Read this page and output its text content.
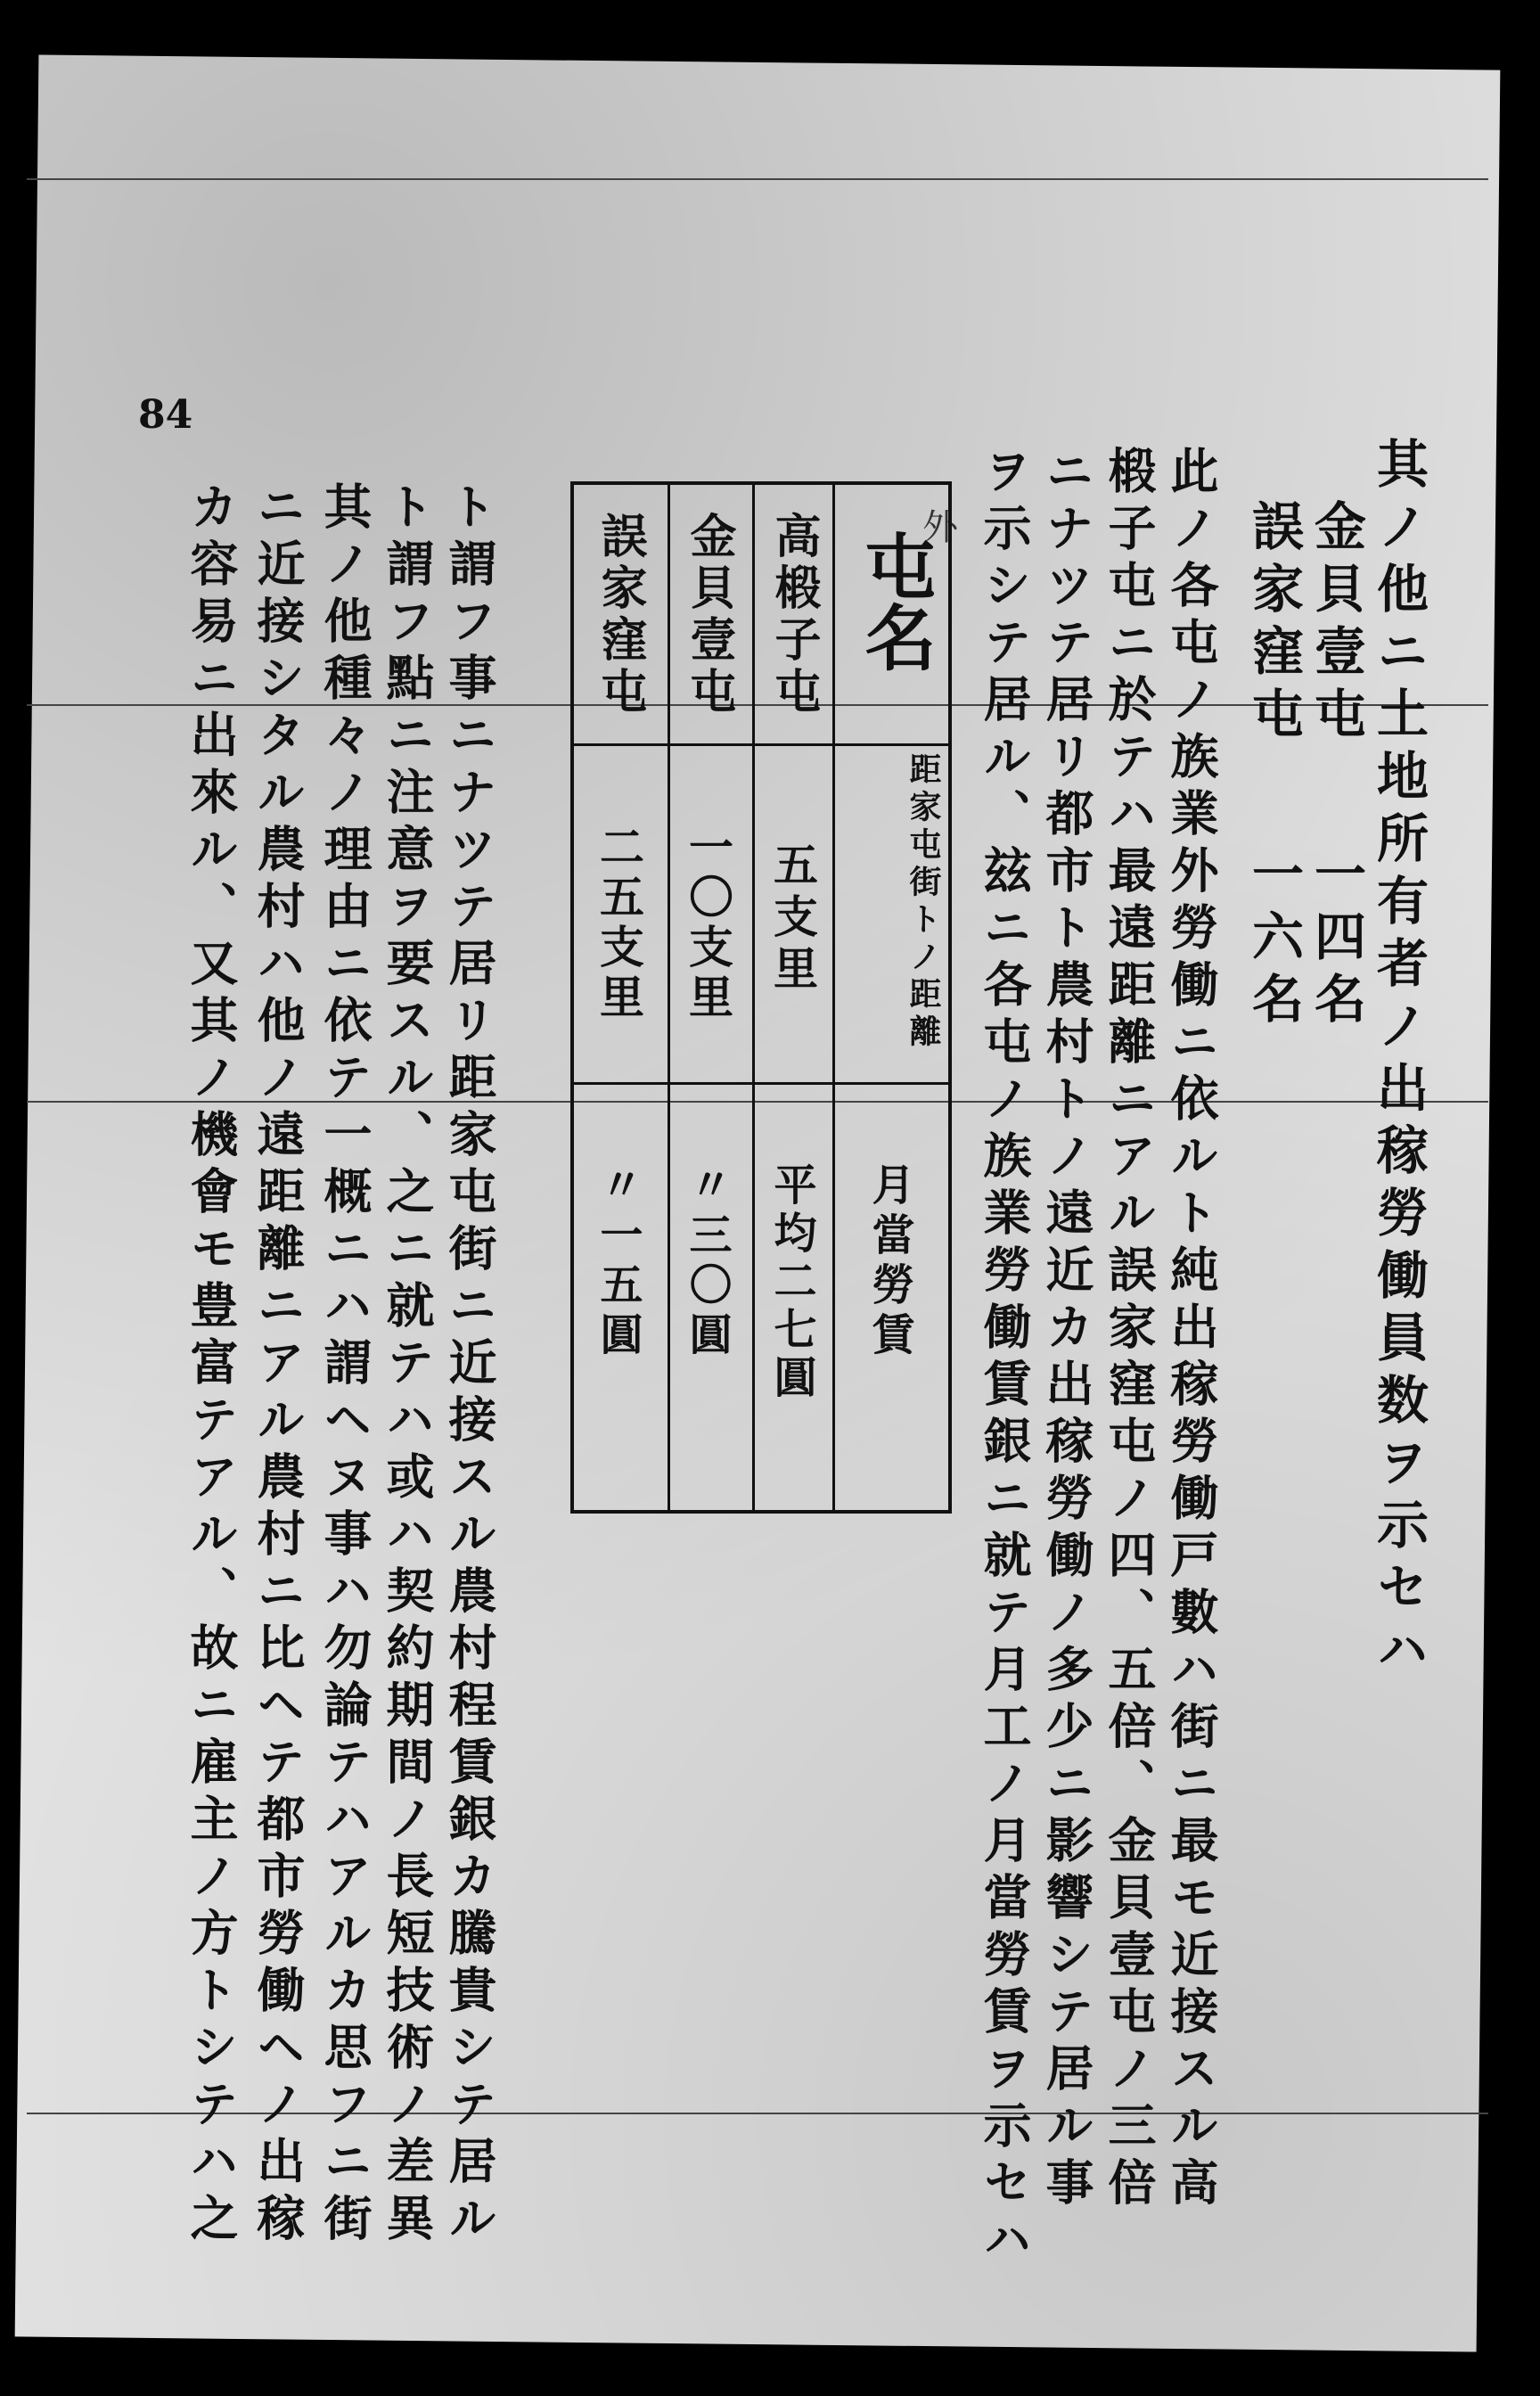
84
外	其ノ他ニ土地所有者ノ出稼勞働員数ヲ示セハ
金貝壹屯
一四名
誤家窪屯
一六名
此ノ各屯ノ族業外勞働ニ依ルト純出稼勞働戸數ハ街ニ最モ近接スル高
椴子屯ニ於テハ最遠距離ニアル誤家窪屯ノ四、五倍、金貝壹屯ノ三倍
ニナツテ居リ都市ト農村トノ遠近カ出稼勞働ノ多少ニ影響シテ居ル事
ヲ示シテ居ル、玆ニ各屯ノ族業勞働賃銀ニ就テ月工ノ月當勞賃ヲ示セハ
屯名
距家屯街トノ距離
月當勞賃
高椴子屯
五支里
平均二七圓
金貝壹屯
一〇支里
〃三〇圓
誤家窪屯
二五支里
〃一五圓
ト謂フ事ニナツテ居リ距家屯街ニ近接スル農村程賃銀カ騰貴シテ居ル
ト謂フ點ニ注意ヲ要スル、之ニ就テハ或ハ契約期間ノ長短技術ノ差異
其ノ他種々ノ理由ニ依テ一概ニハ謂ヘヌ事ハ勿論テハアルカ思フニ街
ニ近接シタル農村ハ他ノ遠距離ニアル農村ニ比ヘテ都市勞働ヘノ出稼
カ容易ニ出來ル、又其ノ機會モ豊富テアル、故ニ雇主ノ方トシテハ之
